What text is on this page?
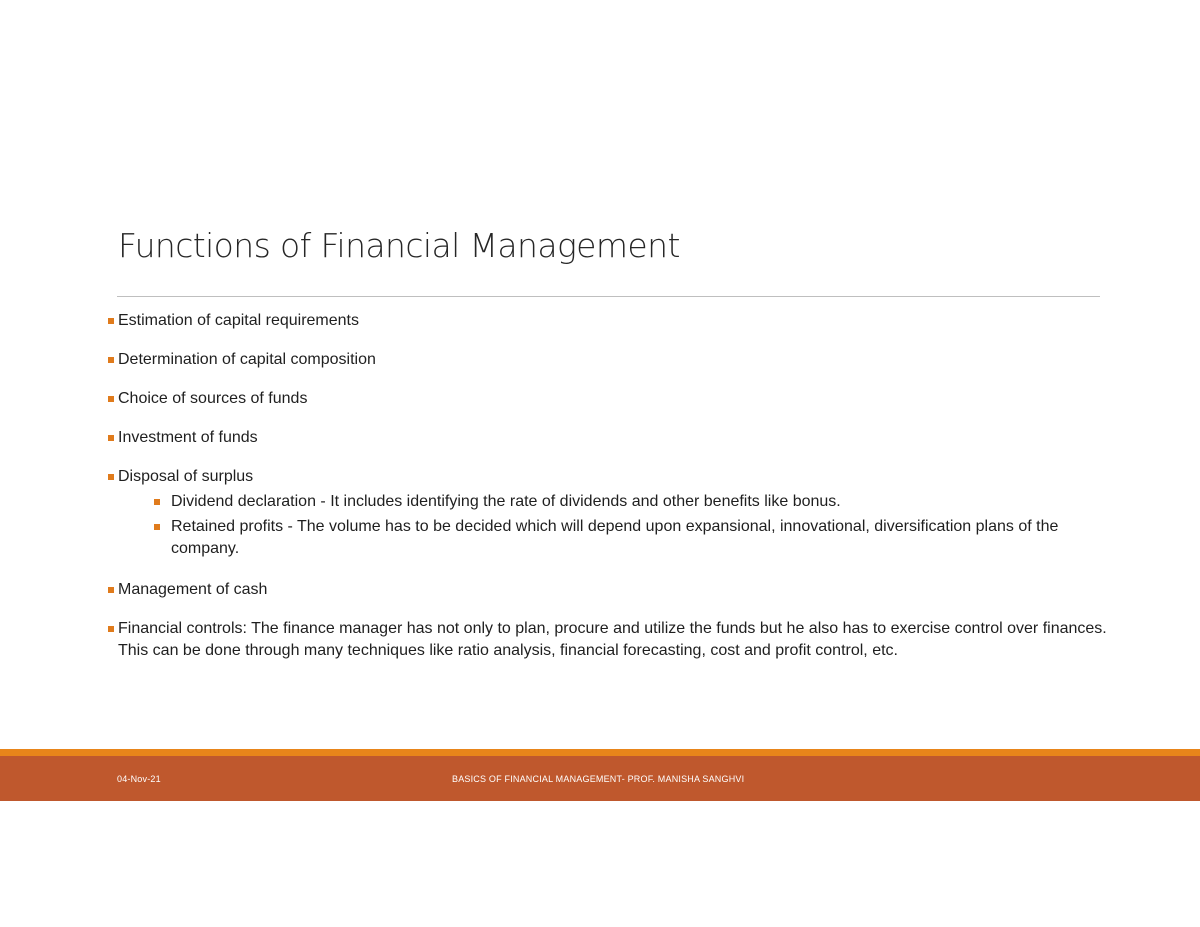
Functions of Financial Management
Estimation of capital requirements
Determination of capital composition
Choice of sources of funds
Investment of funds
Disposal of surplus
Dividend declaration - It includes identifying the rate of dividends and other benefits like bonus.
Retained profits - The volume has to be decided which will depend upon expansional, innovational, diversification plans of the company.
Management of cash
Financial controls: The finance manager has not only to plan, procure and utilize the funds but he also has to exercise control over finances. This can be done through many techniques like ratio analysis, financial forecasting, cost and profit control, etc.
04-Nov-21	BASICS OF FINANCIAL MANAGEMENT- PROF. MANISHA SANGHVI
